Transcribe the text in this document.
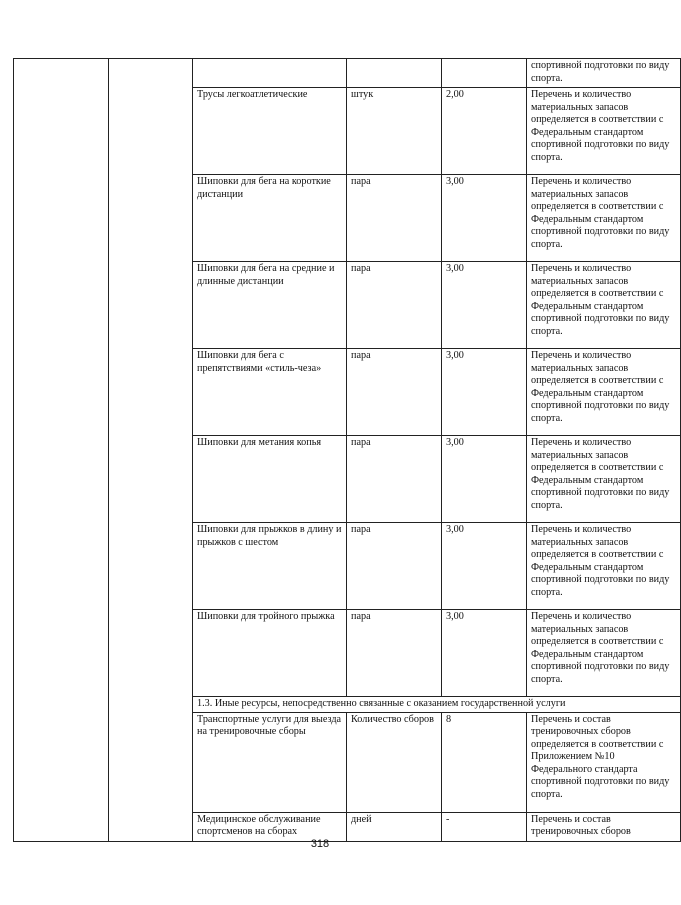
					спортивной подготовки по виду спорта.
		Трусы легкоатлетические	штук	2,00	Перечень и количество материальных запасов определяется в соответствии с Федеральным стандартом спортивной подготовки по виду спорта.
		Шиповки для бега на короткие дистанции	пара	3,00	Перечень и количество материальных запасов определяется в соответствии с Федеральным стандартом спортивной подготовки по виду спорта.
		Шиповки для бега на средние и длинные дистанции	пара	3,00	Перечень и количество материальных запасов определяется в соответствии с Федеральным стандартом спортивной подготовки по виду спорта.
		Шиповки для бега с препятствиями «стиль-чеза»	пара	3,00	Перечень и количество материальных запасов определяется в соответствии с Федеральным стандартом спортивной подготовки по виду спорта.
		Шиповки для метания копья	пара	3,00	Перечень и количество материальных запасов определяется в соответствии с Федеральным стандартом спортивной подготовки по виду спорта.
		Шиповки для прыжков в длину и прыжков с шестом	пара	3,00	Перечень и количество материальных запасов определяется в соответствии с Федеральным стандартом спортивной подготовки по виду спорта.
		Шиповки для тройного прыжка	пара	3,00	Перечень и количество материальных запасов определяется в соответствии с Федеральным стандартом спортивной подготовки по виду спорта.
		1.3. Иные ресурсы, непосредственно связанные с оказанием государственной услуги			
		Транспортные услуги для выезда на тренировочные сборы	Количество сборов	8	Перечень и состав тренировочных сборов определяется в соответствии с Приложением №10 Федерального стандарта спортивной подготовки по виду спорта.
		Медицинское обслуживание спортсменов на сборах	дней	-	Перечень и состав тренировочных сборов
318
